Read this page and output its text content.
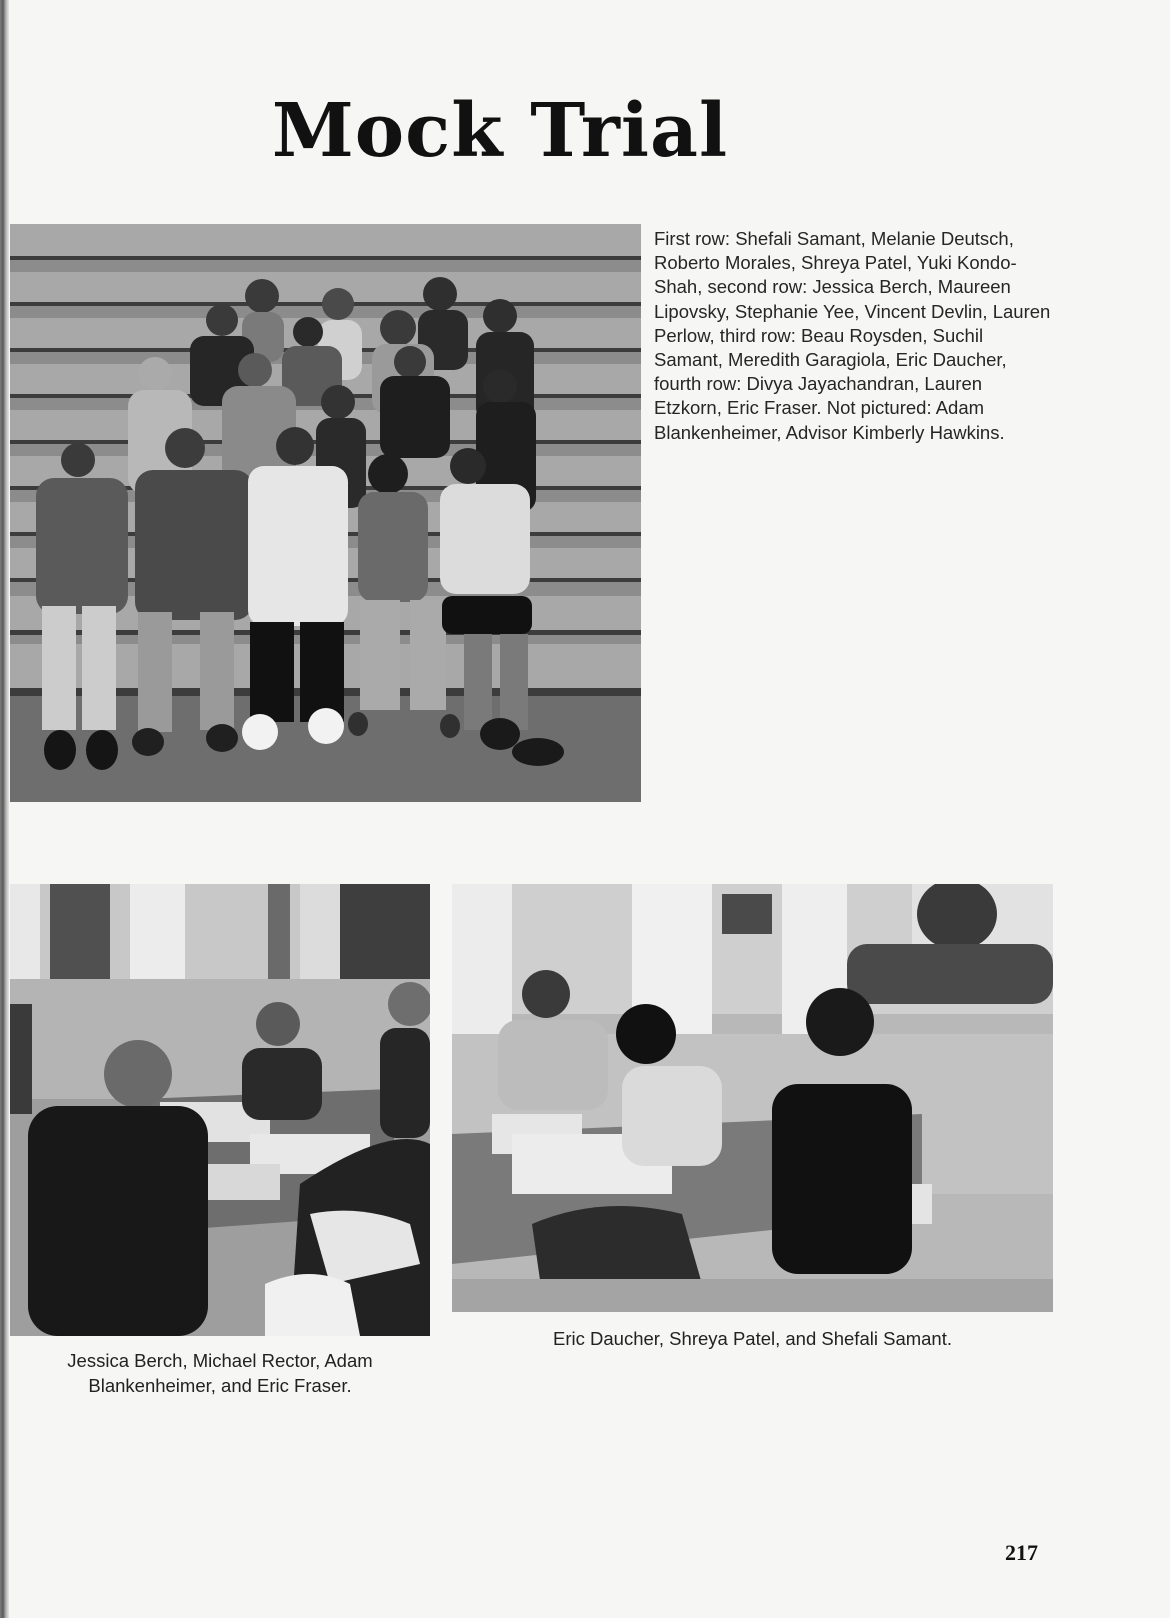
Mock Trial
First row: Shefali Samant, Melanie Deutsch, Roberto Morales, Shreya Patel, Yuki Kondo-Shah, second row: Jessica Berch, Maureen Lipovsky, Stephanie Yee, Vincent Devlin, Lauren Perlow, third row: Beau Roysden, Suchil Samant, Meredith Garagiola, Eric Daucher, fourth row: Divya Jayachandran, Lauren Etzkorn, Eric Fraser. Not pictured: Adam Blankenheimer, Advisor Kimberly Hawkins.
Jessica Berch, Michael Rector, Adam Blankenheimer, and Eric Fraser.
Eric Daucher, Shreya Patel, and Shefali Samant.
217
